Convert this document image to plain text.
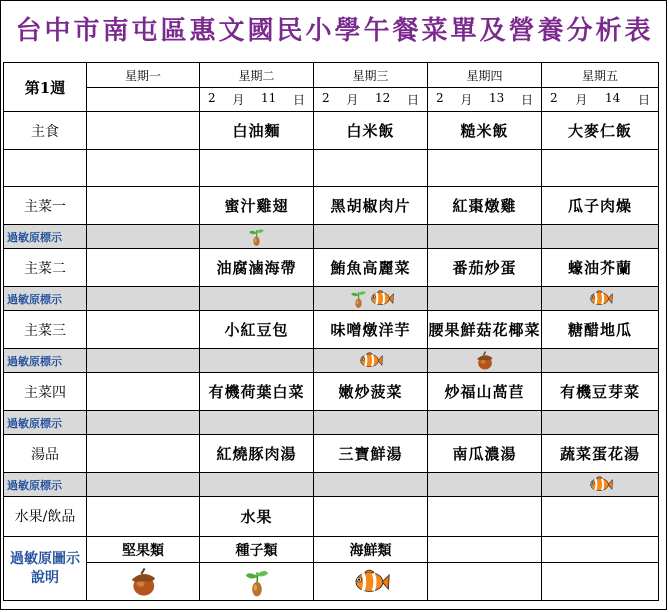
台中市南屯區惠文國民小學午餐菜單及營養分析表
第1週	星期一	星期二	星期三	星期四	星期五

		2 月 11 日	2 月 12 日	2 月 13 日	2 月 14 日

主食		白油麵	白米飯	糙米飯	大麥仁飯

主菜一		蜜汁雞翅	黑胡椒肉片	紅棗燉雞	瓜子肉燥
過敏原標示					
主菜二		油腐滷海帶	鮪魚高麗菜	番茄炒蛋	蠔油芥蘭
過敏原標示					
主菜三		小紅豆包	味噌燉洋芋	腰果鮮菇花椰菜	糖醋地瓜
過敏原標示					
主菜四		有機荷葉白菜	嫩炒菠菜	炒福山萵苣	有機豆芽菜
過敏原標示					
湯品		紅燒豚肉湯	三寶鮮湯	南瓜濃湯	蔬菜蛋花湯
過敏原標示					
水果/飲品		水果			
過敏原圖示說明	堅果類	種子類	海鮮類		
